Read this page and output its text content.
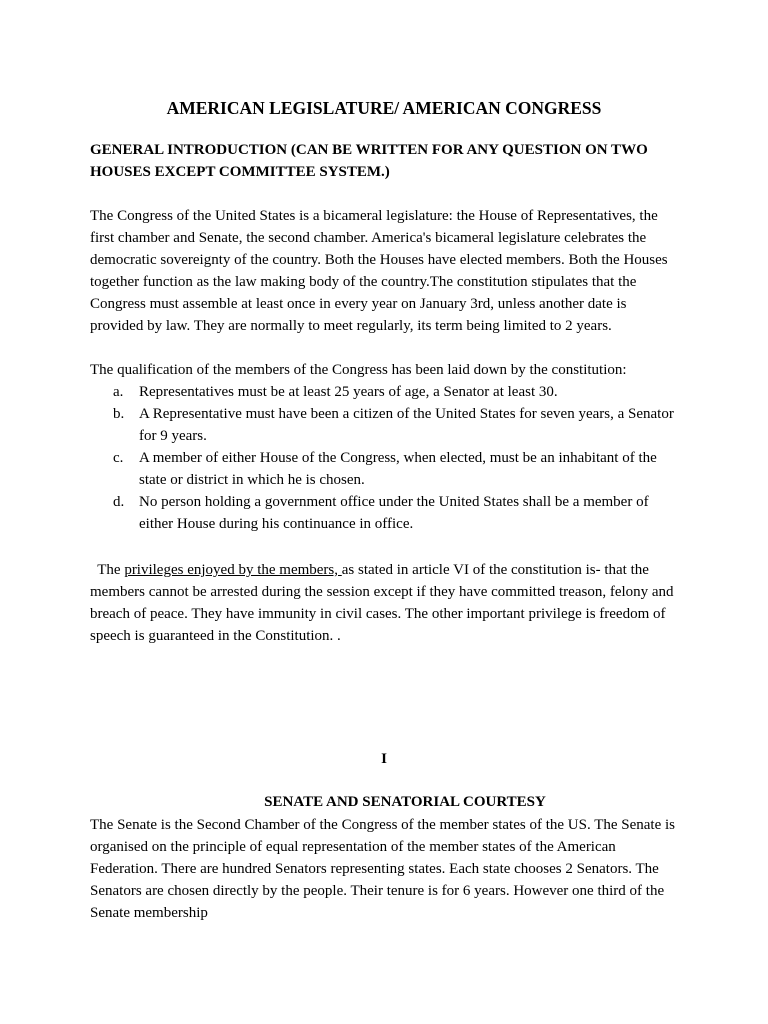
AMERICAN LEGISLATURE/ AMERICAN CONGRESS
GENERAL INTRODUCTION (CAN BE WRITTEN FOR ANY QUESTION ON TWO HOUSES EXCEPT COMMITTEE SYSTEM.)

The Congress of the United States is a bicameral legislature: the House of Representatives, the first chamber and Senate, the second chamber. America's bicameral legislature celebrates the democratic sovereignty of the country. Both the Houses have elected members. Both the Houses together function as the law making body of the country.The constitution stipulates that the Congress must assemble at least once in every year on January 3rd, unless another date is provided by law. They are normally to meet regularly, its term being limited to 2 years.

The qualification of the members of the Congress has been laid down by the constitution:

a. Representatives must be at least 25 years of age, a Senator at least 30.
b. A Representative must have been a citizen of the United States for seven years, a Senator for 9 years.
c. A member of either House of the Congress, when elected, must be an inhabitant of the state or district in which he is chosen.
d. No person holding a government office under the United States shall be a member of either House during his continuance in office.

The privileges enjoyed by the members, as stated in article VI of the constitution is- that the members cannot be arrested during the session except if they have committed treason, felony and breach of peace. They have immunity in civil cases. The other important privilege is freedom of speech is guaranteed in the Constitution. .

I
SENATE AND SENATORIAL COURTESY

The Senate is the Second Chamber of the Congress of the member states of the US. The Senate is organised on the principle of equal representation of the member states of the American Federation. There are hundred Senators representing states. Each state chooses 2 Senators. The Senators are chosen directly by the people. Their tenure is for 6 years. However one third of the Senate membership
